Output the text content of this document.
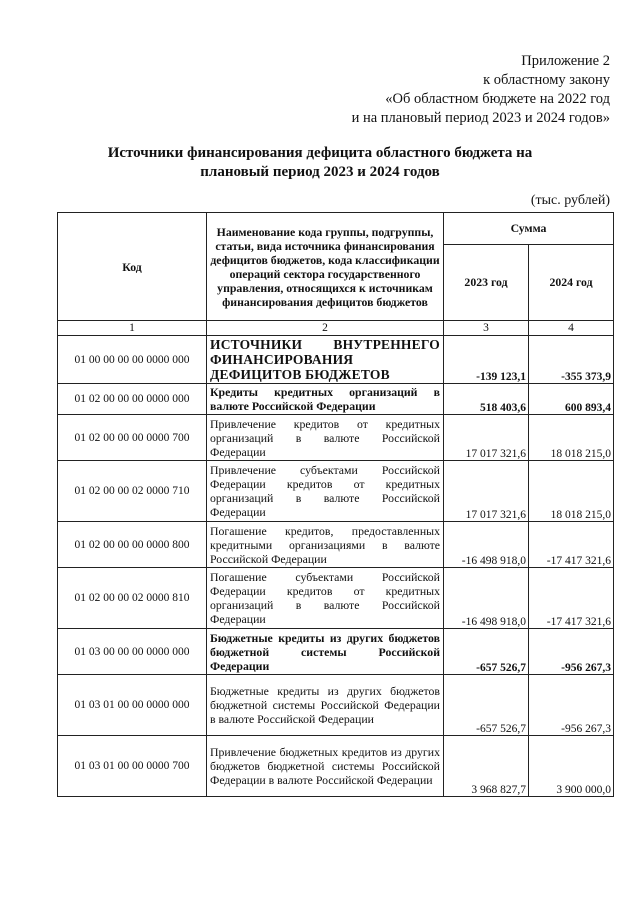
Приложение 2
к областному закону
«Об областном бюджете на 2022 год
и на плановый период 2023 и 2024 годов»
Источники финансирования дефицита областного бюджета на
плановый период 2023 и 2024 годов
(тыс. рублей)
Код	Наименование кода группы, подгруппы, статьи, вида источника финансирования дефицитов бюджетов, кода классификации операций сектора государственного управления, относящихся к источникам финансирования дефицитов бюджетов	Сумма	
		2023 год	2024 год
1	2	3	4
01 00 00 00 00 0000 000	ИСТОЧНИКИ ВНУТРЕННЕГО ФИНАНСИРОВАНИЯ ДЕФИЦИТОВ БЮДЖЕТОВ	-139 123,1	-355 373,9
01 02 00 00 00 0000 000	Кредиты кредитных организаций в валюте Российской Федерации	518 403,6	600 893,4
01 02 00 00 00 0000 700	Привлечение кредитов от кредитных организаций в валюте Российской Федерации	17 017 321,6	18 018 215,0
01 02 00 00 02 0000 710	Привлечение субъектами Российской Федерации кредитов от кредитных организаций в валюте Российской Федерации	17 017 321,6	18 018 215,0
01 02 00 00 00 0000 800	Погашение кредитов, предоставленных кредитными организациями в валюте Российской Федерации	-16 498 918,0	-17 417 321,6
01 02 00 00 02 0000 810	Погашение субъектами Российской Федерации кредитов от кредитных организаций в валюте Российской Федерации	-16 498 918,0	-17 417 321,6
01 03 00 00 00 0000 000	Бюджетные кредиты из других бюджетов бюджетной системы Российской Федерации	-657 526,7	-956 267,3
01 03 01 00 00 0000 000	Бюджетные кредиты из других бюджетов бюджетной системы Российской Федерации в валюте Российской Федерации	-657 526,7	-956 267,3
01 03 01 00 00 0000 700	Привлечение бюджетных кредитов из других бюджетов бюджетной системы Российской Федерации в валюте Российской Федерации	3 968 827,7	3 900 000,0
